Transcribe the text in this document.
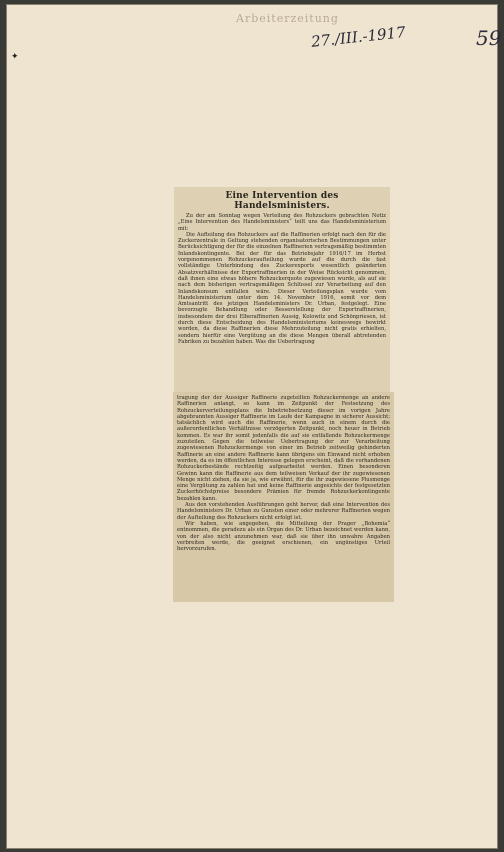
Arbeiterzeitung
27./III.-1917	59
✦
Eine Intervention des Handelsministers.

Zu der am Sonntag wegen Verteilung des Rohzuckers gebrachten Notiz „Eine Intervention des Handelsministers“ teilt uns das Handelsministerium mit:

Die Aufteilung des Rohzuckers auf die Raffinerien erfolgt nach den für die Zuckerzentrale in Geltung stehenden organisatorischen Bestimmungen unter Berücksichtigung der für die einzelnen Raffinerien vertragsmäßig bestimmten Inlandskontingente. Bei der für das Betriebsjahr 1916/17 im Herbst vorgenommenen Rohzuckeraufteilung wurde auf die durch die fast vollständige Unterbindung des Zuckerexports wesentlich geänderten Absatzverhältnisse der Exportraffinerien in der Weise Rücksicht genommen, daß ihnen eine etwas höhere Rohzuckerquote zugewiesen wurde, als auf sie nach dem bisherigen vertragsmäßigen Schlüssel zur Verarbeitung auf den Inlandskonsum entfallen wäre. Dieser Verteilungsplan wurde vom Handelsministerium unter dem 14. November 1916, somit vor dem Amtsantritt des jetzigen Handelsministers Dr. Urban, festgelegt. Eine bevorzugte Behandlung oder Besserstellung der Exportraffinerien, insbesondere der drei Elberaffinerien Aussig, Kolowitz und Schönpriesen, ist durch diese Entscheidung des Handelsministeriums keineswegs bewirkt worden, da diese Raffinerien diese Mehrzuteilung nicht gratis erhielten, sondern hierfür eine Vergütung an die diese Mengen überall abtretenden Fabriken zu bezahlen haben. Was die Uebertragung

tragung der der Aussiger Raffinerie zugeteilten Rohzuckermenge an andere Raffinerien anlangt, so kann im Zeitpunkt der Festsetzung des Rohzuckerverteilungsplans die Inbetriebsetzung dieser im vorigen Jahre abgebrannten Aussiger Raffinerie im Laufe der Kampagne in sicherer Aussicht; tatsächlich wird auch die Raffinerie, wenn auch in einem durch die außerordentlichen Verhältnisse verzögerten Zeitpunkt, noch heuer in Betrieb kommen. Es war ihr somit jedenfalls die auf sie entfallende Rohzuckermenge zuzuteilen. Gegen die teilweise Uebertragung der zur Verarbeitung zugewiesenen Rohzuckermenge von einer im Betrieb zeitweilig gehinderten Raffinerie an eine andere Raffinerie kann übrigens ein Einwand nicht erhoben werden, da es im öffentlichen Interesse gelegen erscheint, daß die vorhandenen Rohzuckerbestände rechtzeitig aufgearbeitet werden. Einen besonderen Gewinn kann die Raffinerie aus dem teilweisen Verkauf der ihr zugewiesenen Menge nicht ziehen, da sie ja, wie erwähnt, für die ihr zugewiesene Plusmenge eine Vergütung zu zahlen hat und keine Raffinerie angesichts der festgesetzten Zuckerhöchstpreise besondere Prämien für fremde Rohzuckerkontingente bezahlen kann.

Aus den vorstehenden Ausführungen geht hervor, daß eine Intervention des Handelsministers Dr. Urban zu Gunsten einer oder mehrerer Raffinerien wegen der Aufteilung des Rohzuckers nicht erfolgt ist.

Wir haben, wie angegeben, die Mitteilung der Prager „Bohemia“ entnommen, die geradezu als ein Organ des Dr. Urban bezeichnet werden kann, von der also nicht anzunehmen war, daß sie über ihn unwahre Angaben verbreiten werde, die geeignet erschienen, ein ungünstiges Urteil hervorzurufen.
